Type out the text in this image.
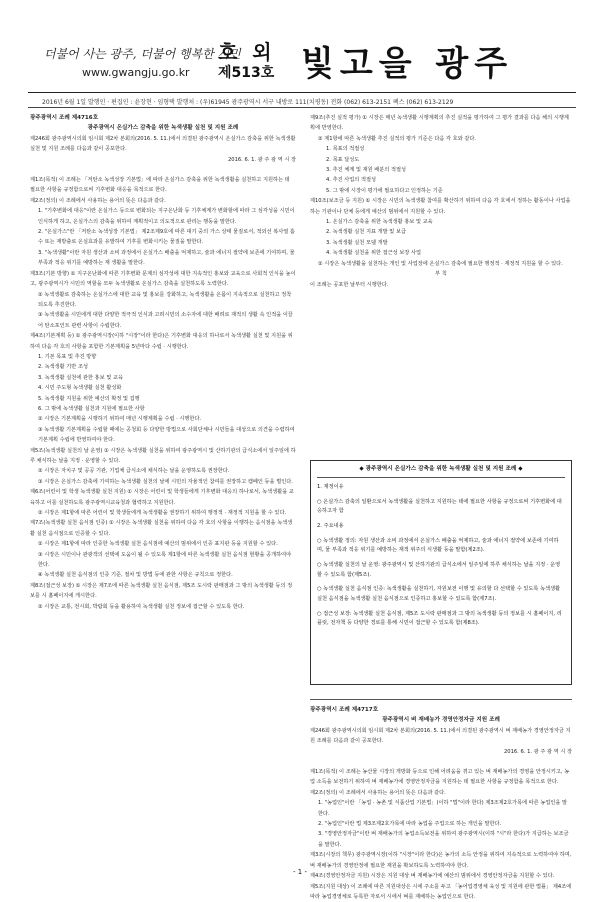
더불어 사는 광주, 더불어 행복한 시민
www.gwangju.go.kr
호 외
제513호 빛고을 광주
2016년 6월 1일 발행인 · 편집인 : 윤장현 · 임형택 발행처 : (우)61945 광주광역시 서구 내방로 111(치평동) 전화 (062) 613-2151 팩스 (062) 613-2129

광주광역시 조례 제4716호

광주광역시 온실가스 감축을 위한 녹색생활 실천 및 지원 조례

제246회 광주광역시의회 임시회 제2차 본회의(2016. 5. 11.)에서 의결된 광주광역시 온실가스 감축을 위한 녹색생활 실천 및 지원 조례를 다음과 같이 공포한다.

2016. 6. 1. 광 주 광 역 시 장

제1조(목적) 이 조례는 「저탄소 녹색성장 기본법」에 따라 온실가스 감축을 위한 녹색생활을 실천하고 지원하는 데 필요한 사항을 규정함으로써 기후변화 대응을 목적으로 한다.

제2조(정의) 이 조례에서 사용하는 용어의 뜻은 다음과 같다.

1. "기후변화에 대응"이란 온실가스 등으로 변화되는 지구온난화 등 기후체계가 변화할에 따라 그 심각성을 시민이 인식하게 하고, 온실가스의 감축을 위하여 계획적이고 의도적으로 관리는 행동을 말한다.

2. "온실가스"란 「저탄소 녹색성장 기본법」 제2조제9호에 따른 대기 중의 가스 상태 물질로서, 적외선 복사열 흡수 또는 재방출로 온실효과를 유발하여 기후를 변화시키는 물질을 말한다.

3. "녹색생활"이란 자원 생산과 소비 과정에서 온실가스 배출을 억제하고, 술과 에너지 절약에 보존에 기여하며, 물 부족과 적응 위기를 예방하는 재 생활을 말한다.

제3조(기본 방향) ① 지구온난화에 따른 기후변화 문제의 심각성에 대한 지속적인 홍보와 교육으로 사회적 인식을 높이고, 광주광역시가 시민의 역할을 모두 녹색생활로 온실가스 감축을 실천하도록 노력한다.

② 녹색생활로 감축하는 온실가스에 대한 교육 및 홍보를 강화하고, 녹색생활을 온몸이 지속적으로 실천하고 정착되도록 추진한다.

③ 녹색생활을 시민에게 대한 다양한 적극적 인식과 고려시민의 소수자에 대한 배려로 재적의 생활 속 인적을 이끌어 탄소포인트 관련 사항이 수립한다.

제4조(기본계획 등) ① 광주광역시장(이하 "시장"이라 한다)은 기후변화 대응의 하나로서 녹색생활 실천 및 지원을 위하여 다음 각 호의 사항을 포함한 기본계획을 5년마다 수립 · 시행한다.

1. 기본 목표 및 추진 방향

2. 녹색생활 기반 조성

3. 녹색생활 실천에 관한 홍보 및 교육

4. 시민 주도형 녹색생활 실천 활성화

5. 녹색생활 지원을 위한 예산의 확정 및 집행

6. 그 밖에 녹색생활 실천과 지원에 필요한 사항

② 시장은 기본계획을 시행하기 위하여 매년 시행계획을 수립 · 시행한다.

③ 녹색생활 기본계획을 수립할 때에는 공청회 등 다양한 방법으로 사회단체나 시민들을 대상으로 의견을 수렴하여 기본계획 수립에 반영하여야 한다.

제5조(녹색생활 실천의 날 운영) ① 시장은 녹색생활 실천을 위하여 광주광역시 및 산하기관의 급식소에서 일주일에 하루 채식하는 날을 지정 · 운영할 수 있다.

② 시장은 자치구 및 공공 기관, 기업체 급식소에 채식하는 날을 운영하도록 권장한다.

③ 시장은 온실가스 감축에 기여하는 녹색생활 실천의 날에 시민의 자율적인 참여를 권장하고 캠페인 등을 벌인다.

제6조(어린이 및 학생 녹색생활 실천 지원) ① 시장은 어린이 및 학생들에게 기후변화 대응의 하나로서, 녹색생활을 교육하고 이를 실천하도록 광주광역시교육청과 협력하고 지원한다.

② 시장은 제1항에 따른 어린이 및 학생들에게 녹색생활을 권장하기 위하여 행정적 · 재정적 지원을 할 수 있다.

제7조(녹색생활 실천 음식점 인증) ① 시장은 녹색생활 실천을 위하여 다음 각 호의 사항을 이행하는 음식점을 녹색생활 실천 음식점으로 인증할 수 있다.

② 시장은 제1항에 따라 인증한 녹색생활 실천 음식점에 예산의 범위에서 인증 표지판 등을 지원할 수 있다.

③ 시장은 시민이나 관광객의 선택에 도움이 될 수 있도록 제1항에 따른 녹색생활 실천 음식점 현황을 공개하여야 한다.

④ 녹색생활 실천 음식점의 인증 기준, 절차 및 방법 등에 관한 사항은 규칙으로 정한다.

제8조(접근성 보장) ① 시장은 제7조에 따른 녹색생활 실천 음식점, 제5조 도시락 판매점과 그 밖의 녹색생활 등의 정보를 시 홈페이지에 게시한다.

② 시장은 교통, 전시회, 박람회 등을 활용하여 녹색생활 실천 정보에 접근할 수 있도록 한다.

제9조(추진 실적 평가) ① 시장은 매년 녹색생활 시행계획의 추진 실적을 평가하여 그 평가 결과를 다음 해의 시행계획에 반영한다.

② 제1항에 따른 녹색생활 추진 실적의 평가 기준은 다음 각 호와 같다.

1. 목표의 적절성

2. 목표 달성도

3. 추진 체계 및 재원 배분의 적절성

4. 추진 사업의 적절성

5. 그 밖에 시장이 평가에 필요하다고 인정하는 기준

제10조(보조금 등 지원) ① 시장은 시민의 녹색생활 참여를 확산하기 위하여 다음 각 호에서 정하는 활동이나 사업을 하는 기관이나 단체 등에게 예산의 범위에서 지원할 수 있다.

1. 온실가스 감축을 위한 녹색생활 홍보 및 교육

2. 녹색생활 실천 지표 개발 및 보급

3. 녹색생활 실천 모델 개발

4. 녹색생활 실천을 위한 접근성 보장 사업

② 시장은 녹색생활을 실천하는 개인 및 사업장에 온실가스 감축에 필요한 행정적 · 재정적 지원을 할 수 있다.

부 칙

이 조례는 공포한 날부터 시행한다.

◆ 광주광역시 온실가스 감축을 위한 녹색생활 실천 및 지원 조례 ◆

1. 제정이유

○ 온실가스 감축의 일환으로서 녹색생활을 실천하고 지원하는 데에 필요한 사항을 규정으로써 기후변화에 대응하고자 함

2. 주요내용

○ 녹색생활 정의: 자원 생산과 소비 과정에서 온실가스 배출을 억제하고, 술과 에너지 절약에 보존에 기여하며, 물 부족과 적응 위기를 예방하는 재적 위주의 식생활 등을 말함(제2조).

○ 녹색생활 실천의 날 운영: 광주광역시 및 산하기관의 급식소에서 일주일에 하루 채식하는 날을 지정 · 운영할 수 있도록 함(제5조).

○ 녹색생활 실천 음식점 인증: 녹색생활을 실천하기, 자원보전 이행 및 유의할 다 선택할 수 있도록 녹색생활 실천 음식점을 녹색생활 실천 음식점으로 인증하고 홍보할 수 있도록 함(제7조).

○ 접근성 보장: 녹색생활 실천 음식점, 제5조 도시락 판매점과 그 밖의 녹색생활 등의 정보를 시 홈페이지, 리플릿, 전자책 등 다양한 경로를 통해 시민이 접근할 수 있도록 함(제8조).

광주광역시 조례 제4717호

광주광역시 벼 재배농가 경영안정자금 지원 조례

제246회 광주광역시의회 임시회 제2차 본회의(2016. 5. 11.)에서 의결된 광주광역시 벼 재배농가 경영안정자금 지원 조례를 다음과 같이 공포한다.

2016. 6. 1. 광 주 광 역 시 장

제1조(목적) 이 조례는 농산물 시장의 개방화 등으로 인해 어려움을 겪고 있는 벼 재배농가의 경영을 안정시키고, 농업 소득을 보전하기 위하여 벼 재배농가에 경영안정자금을 지원하는 데 필요한 사항을 규정함을 목적으로 한다.

제2조(정의) 이 조례에서 사용하는 용어의 뜻은 다음과 같다.

1. "농업인"이란 「농업 · 농촌 및 식품산업 기본법」(이하 "법"이라 한다) 제3조제2호가목에 따른 농업인을 말한다.

2. "농업인"이란 법 제3조제2호가목에 따라 농업을 주업으로 하는 개인을 말한다.

3. "경영안정자금"이란 벼 재배농가의 농업소득보전을 위하여 광주광역시(이하 "시"라 한다)가 지급하는 보조금을 말한다.

제3조(시장의 책무) 광주광역시장(이하 "시장"이라 한다)은 농가의 소득 안정을 위하여 지속적으로 노력하여야 하며, 벼 재배농가의 경영안정에 필요한 재원을 확보하도록 노력하여야 한다.

제4조(경영안정자금 지원) 시장은 지원 대상 벼 재배농가에 예산의 범위에서 경영안정자금을 지원할 수 있다.

제5조(지원 대상) 이 조례에 따른 지원대상은 시에 주소를 두고 「농어업경영체 육성 및 지원에 관한 법률」 제4조에 따라 농업경영체로 등록한 자로서 시에서 벼를 재배하는 농업인으로 한다.

- 1 -
